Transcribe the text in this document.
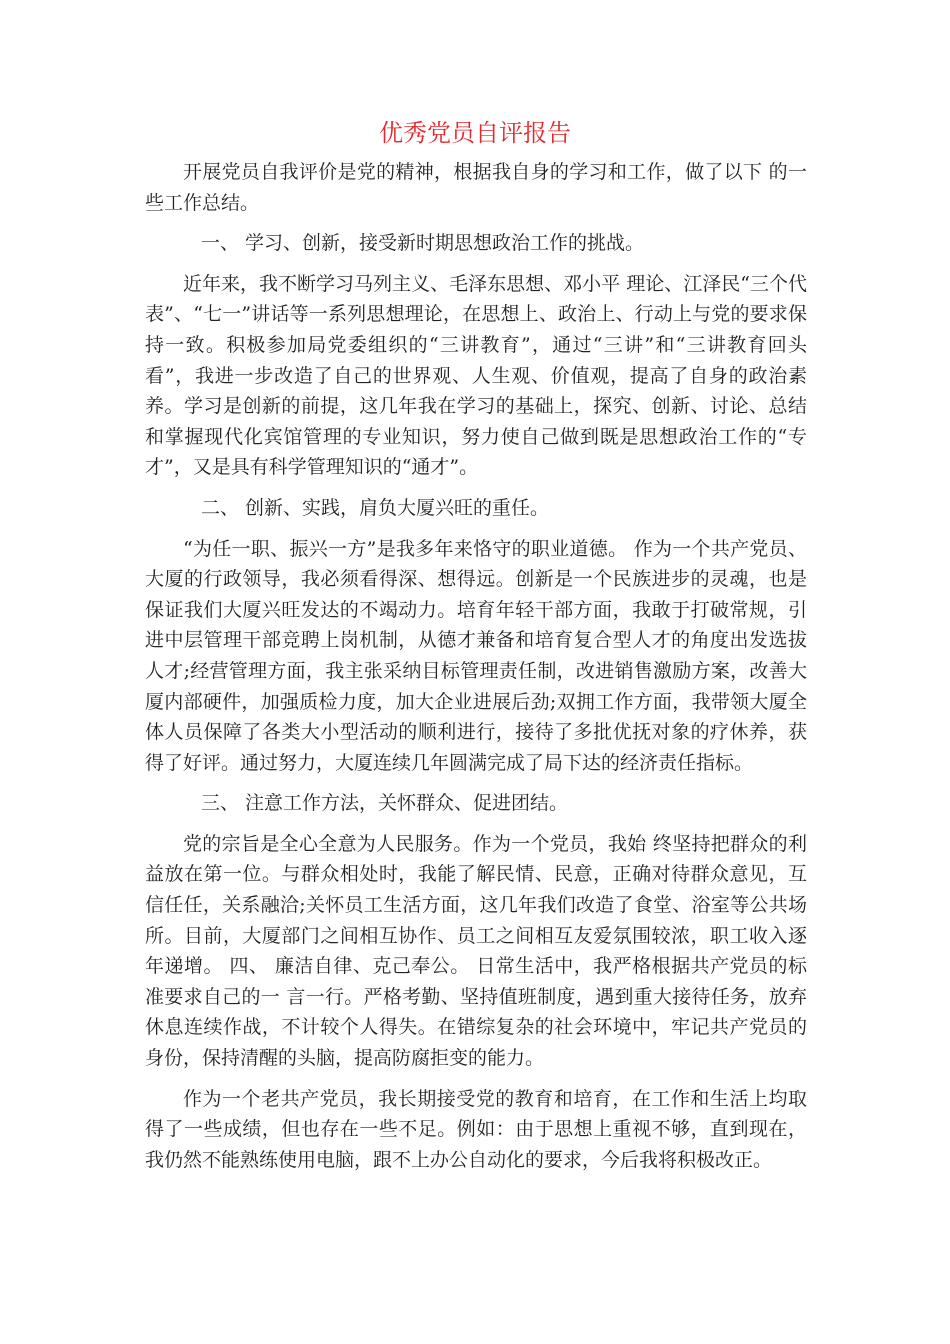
优秀党员自评报告

开展党员自我评价是党的精神，根据我自身的学习和工作，做了以下 的一些工作总结。

一、 学习、创新，接受新时期思想政治工作的挑战。

近年来，我不断学习马列主义、毛泽东思想、邓小平 理论、江泽民“三个代表”、“七一”讲话等一系列思想理论，在思想上、政治上、行动上与党的要求保持一致。积极参加局党委组织的“三讲教育”，通过“三讲”和“三讲教育回头看”，我进一步改造了自己的世界观、人生观、价值观，提高了自身的政治素养。学习是创新的前提，这几年我在学习的基础上，探究、创新、讨论、总结和掌握现代化宾馆管理的专业知识，努力使自己做到既是思想政治工作的“专才”，又是具有科学管理知识的“通才”。

二、 创新、实践，肩负大厦兴旺的重任。

“为任一职、振兴一方”是我多年来恪守的职业道德。 作为一个共产党员、大厦的行政领导，我必须看得深、想得远。创新是一个民族进步的灵魂，也是保证我们大厦兴旺发达的不竭动力。培育年轻干部方面，我敢于打破常规，引进中层管理干部竞聘上岗机制，从德才兼备和培育复合型人才的角度出发选拔人才;经营管理方面，我主张采纳目标管理责任制，改进销售激励方案，改善大厦内部硬件，加强质检力度，加大企业进展后劲;双拥工作方面，我带领大厦全体人员保障了各类大小型活动的顺利进行，接待了多批优抚对象的疗休养，获得了好评。通过努力，大厦连续几年圆满完成了局下达的经济责任指标。

三、 注意工作方法，关怀群众、促进团结。

党的宗旨是全心全意为人民服务。作为一个党员，我始 终坚持把群众的利益放在第一位。与群众相处时，我能了解民情、民意，正确对待群众意见，互信任任，关系融洽;关怀员工生活方面，这几年我们改造了食堂、浴室等公共场所。目前，大厦部门之间相互协作、员工之间相互友爱氛围较浓，职工收入逐年递增。 四、 廉洁自律、克己奉公。 日常生活中，我严格根据共产党员的标准要求自己的一 言一行。严格考勤、坚持值班制度，遇到重大接待任务，放弃休息连续作战，不计较个人得失。在错综复杂的社会环境中，牢记共产党员的身份，保持清醒的头脑，提高防腐拒变的能力。

作为一个老共产党员，我长期接受党的教育和培育，在工作和生活上均取得了一些成绩，但也存在一些不足。例如：由于思想上重视不够，直到现在，我仍然不能熟练使用电脑，跟不上办公自动化的要求，今后我将积极改正。
